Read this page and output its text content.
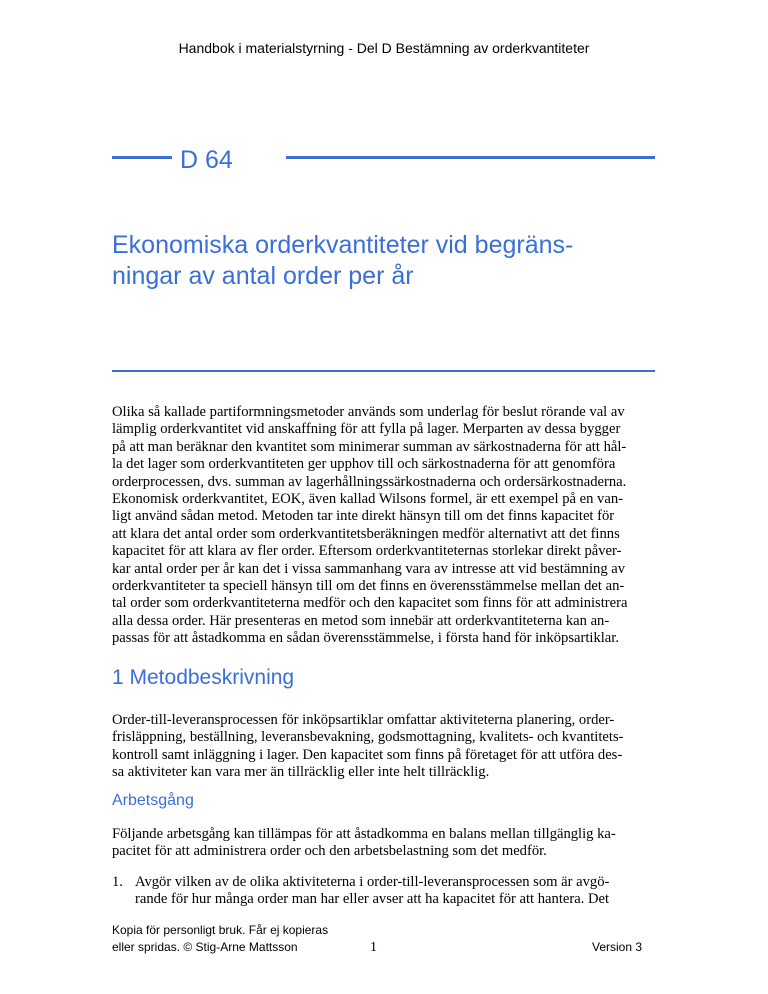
Handbok i materialstyrning - Del D Bestämning av orderkvantiteter
D 64
Ekonomiska orderkvantiteter vid begräns-
ningar av antal order per år
Olika så kallade partiformningsmetoder används som underlag för beslut rörande val av
lämplig orderkvantitet vid anskaffning för att fylla på lager. Merparten av dessa bygger
på att man beräknar den kvantitet som minimerar summan av särkostnaderna för att hål-
la det lager som orderkvantiteten ger upphov till och särkostnaderna för att genomföra
orderprocessen, dvs. summan av lagerhållningssärkostnaderna och ordersärkostnaderna.
Ekonomisk orderkvantitet, EOK, även kallad Wilsons formel, är ett exempel på en van-
ligt använd sådan metod. Metoden tar inte direkt hänsyn till om det finns kapacitet för
att klara det antal order som orderkvantitetsberäkningen medför alternativt att det finns
kapacitet för att klara av fler order. Eftersom orderkvantiteternas storlekar direkt påver-
kar antal order per år kan det i vissa sammanhang vara av intresse att vid bestämning av
orderkvantiteter ta speciell hänsyn till om det finns en överensstämmelse mellan det an-
tal order som orderkvantiteterna medför och den kapacitet som finns för att administrera
alla dessa order. Här presenteras en metod som innebär att orderkvantiteterna kan an-
passas för att åstadkomma en sådan överensstämmelse, i första hand för inköpsartiklar.
1 Metodbeskrivning
Order-till-leveransprocessen för inköpsartiklar omfattar aktiviteterna planering, order-
frisläppning, beställning, leveransbevakning, godsmottagning, kvalitets- och kvantitets-
kontroll samt inläggning i lager. Den kapacitet som finns på företaget för att utföra des-
sa aktiviteter kan vara mer än tillräcklig eller inte helt tillräcklig.
Arbetsgång
Följande arbetsgång kan tillämpas för att åstadkomma en balans mellan tillgänglig ka-
pacitet för att administrera order och den arbetsbelastning som det medför.
1. Avgör vilken av de olika aktiviteterna i order-till-leveransprocessen som är avgö-
rande för hur många order man har eller avser att ha kapacitet för att hantera. Det
Kopia för personligt bruk. Får ej kopieras
eller spridas. © Stig-Arne Mattsson	1	Version 3
